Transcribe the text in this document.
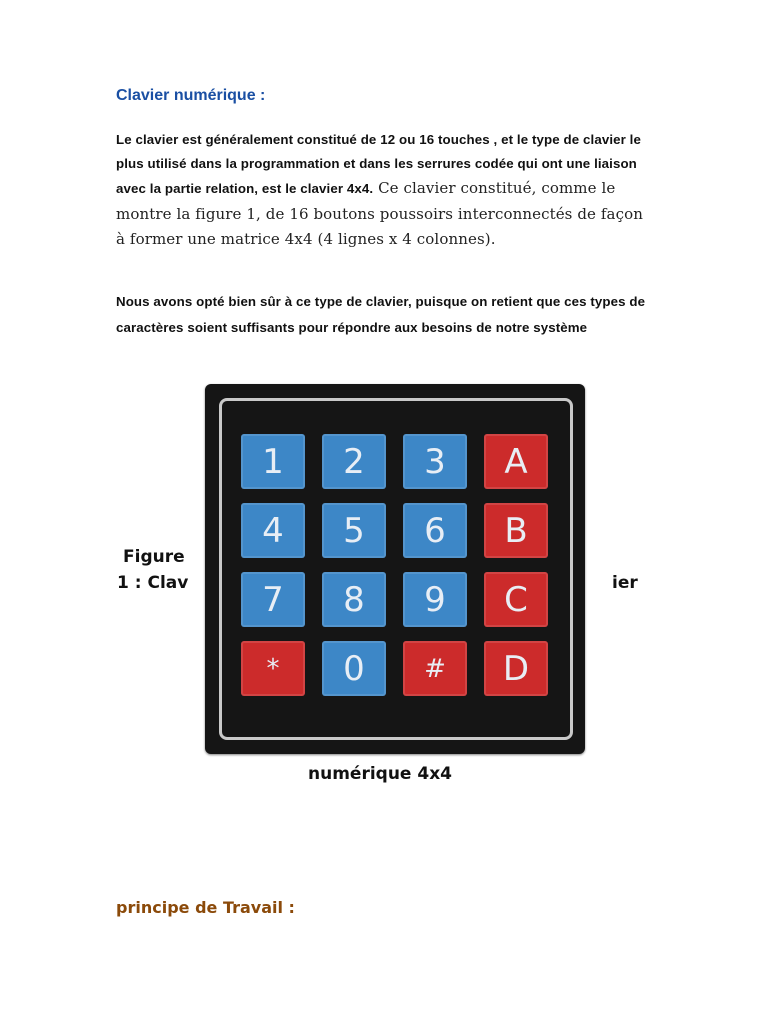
Clavier numérique :

Le clavier est généralement constitué de 12 ou 16 touches , et le type de clavier le plus utilisé dans la programmation et dans les serrures codée qui ont une liaison avec la partie relation, est le clavier 4x4. Ce clavier constitué, comme le montre la figure 1, de 16 boutons poussoirs interconnectés de façon à former une matrice 4x4 (4 lignes x 4 colonnes).

Nous avons opté bien sûr à ce type de clavier, puisque on retient que ces types de caractères soient suffisants pour répondre aux besoins de notre système

1	2	3	A
4	5	6	B
7	8	9	C
*	0	#	D
Figure
1 : Clav	ier
numérique 4x4
principe de Travail :
